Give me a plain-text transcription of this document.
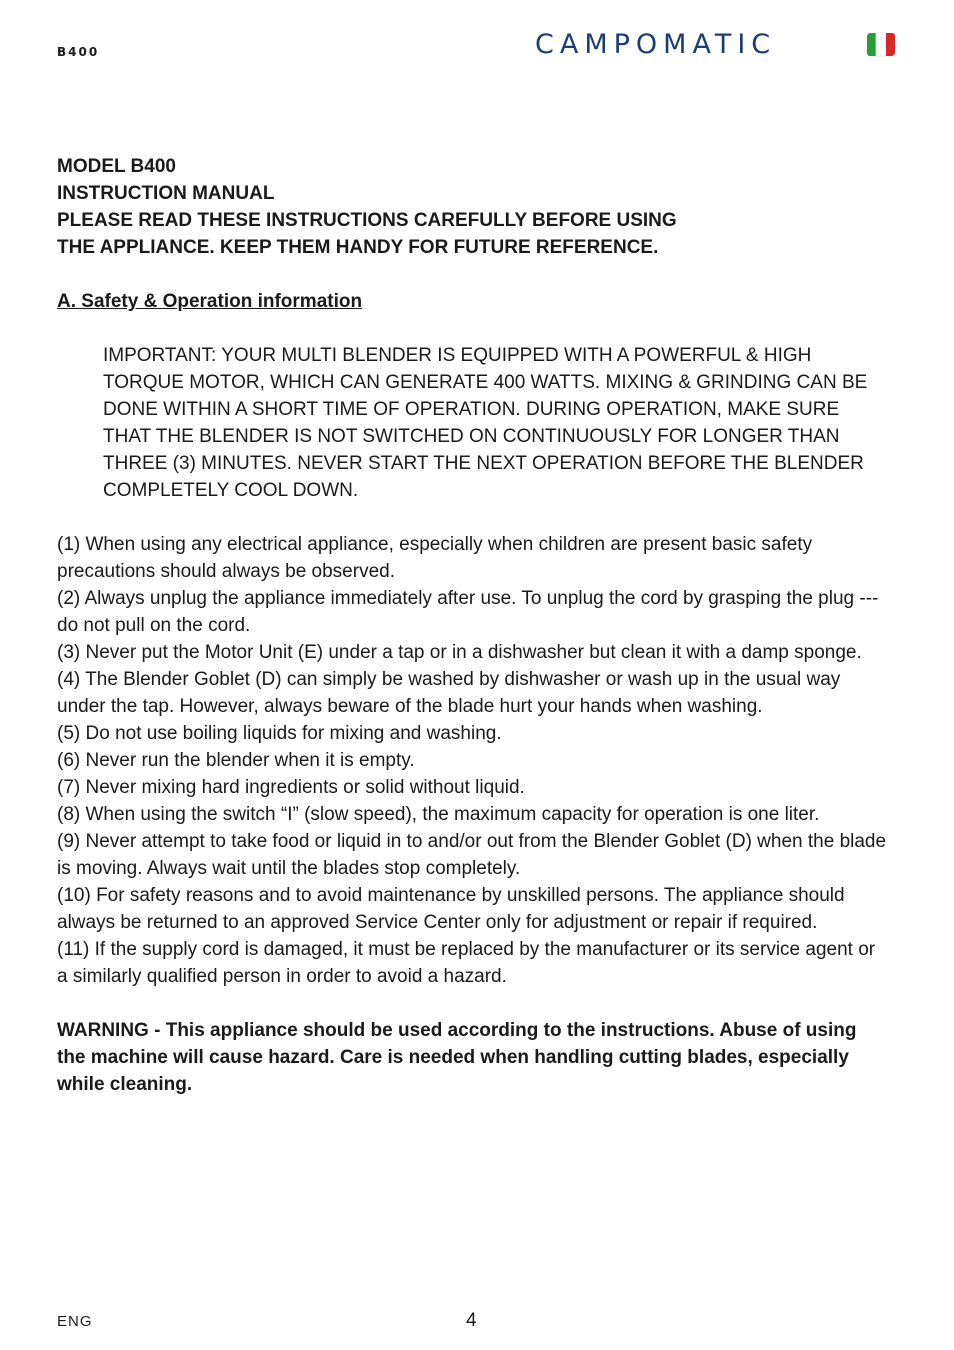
B400	CAMPOMATIC
MODEL B400
INSTRUCTION MANUAL
PLEASE READ THESE INSTRUCTIONS CAREFULLY BEFORE USING
THE APPLIANCE. KEEP THEM HANDY FOR FUTURE REFERENCE.
A. Safety & Operation information
IMPORTANT: YOUR MULTI BLENDER IS EQUIPPED WITH A POWERFUL & HIGH TORQUE MOTOR, WHICH CAN GENERATE 400 WATTS. MIXING & GRINDING CAN BE DONE WITHIN A SHORT TIME OF OPERATION. DURING OPERATION, MAKE SURE THAT THE BLENDER IS NOT SWITCHED ON CONTINUOUSLY FOR LONGER THAN THREE (3) MINUTES. NEVER START THE NEXT OPERATION BEFORE THE BLENDER COMPLETELY COOL DOWN.
(1) When using any electrical appliance, especially when children are present basic safety precautions should always be observed.
(2) Always unplug the appliance immediately after use. To unplug the cord by grasping the plug --- do not pull on the cord.
(3) Never put the Motor Unit (E) under a tap or in a dishwasher but clean it with a damp sponge.
(4) The Blender Goblet (D) can simply be washed by dishwasher or wash up in the usual way under the tap. However, always beware of the blade hurt your hands when washing.
(5) Do not use boiling liquids for mixing and washing.
(6) Never run the blender when it is empty.
(7) Never mixing hard ingredients or solid without liquid.
(8) When using the switch “I” (slow speed), the maximum capacity for operation is one liter.
(9) Never attempt to take food or liquid in to and/or out from the Blender Goblet (D) when the blade is moving. Always wait until the blades stop completely.
(10) For safety reasons and to avoid maintenance by unskilled persons. The appliance should always be returned to an approved Service Center only for adjustment or repair if required.
(11) If the supply cord is damaged, it must be replaced by the manufacturer or its service agent or a similarly qualified person in order to avoid a hazard.
WARNING - This appliance should be used according to the instructions. Abuse of using the machine will cause hazard. Care is needed when handling cutting blades, especially while cleaning.
ENG	4
